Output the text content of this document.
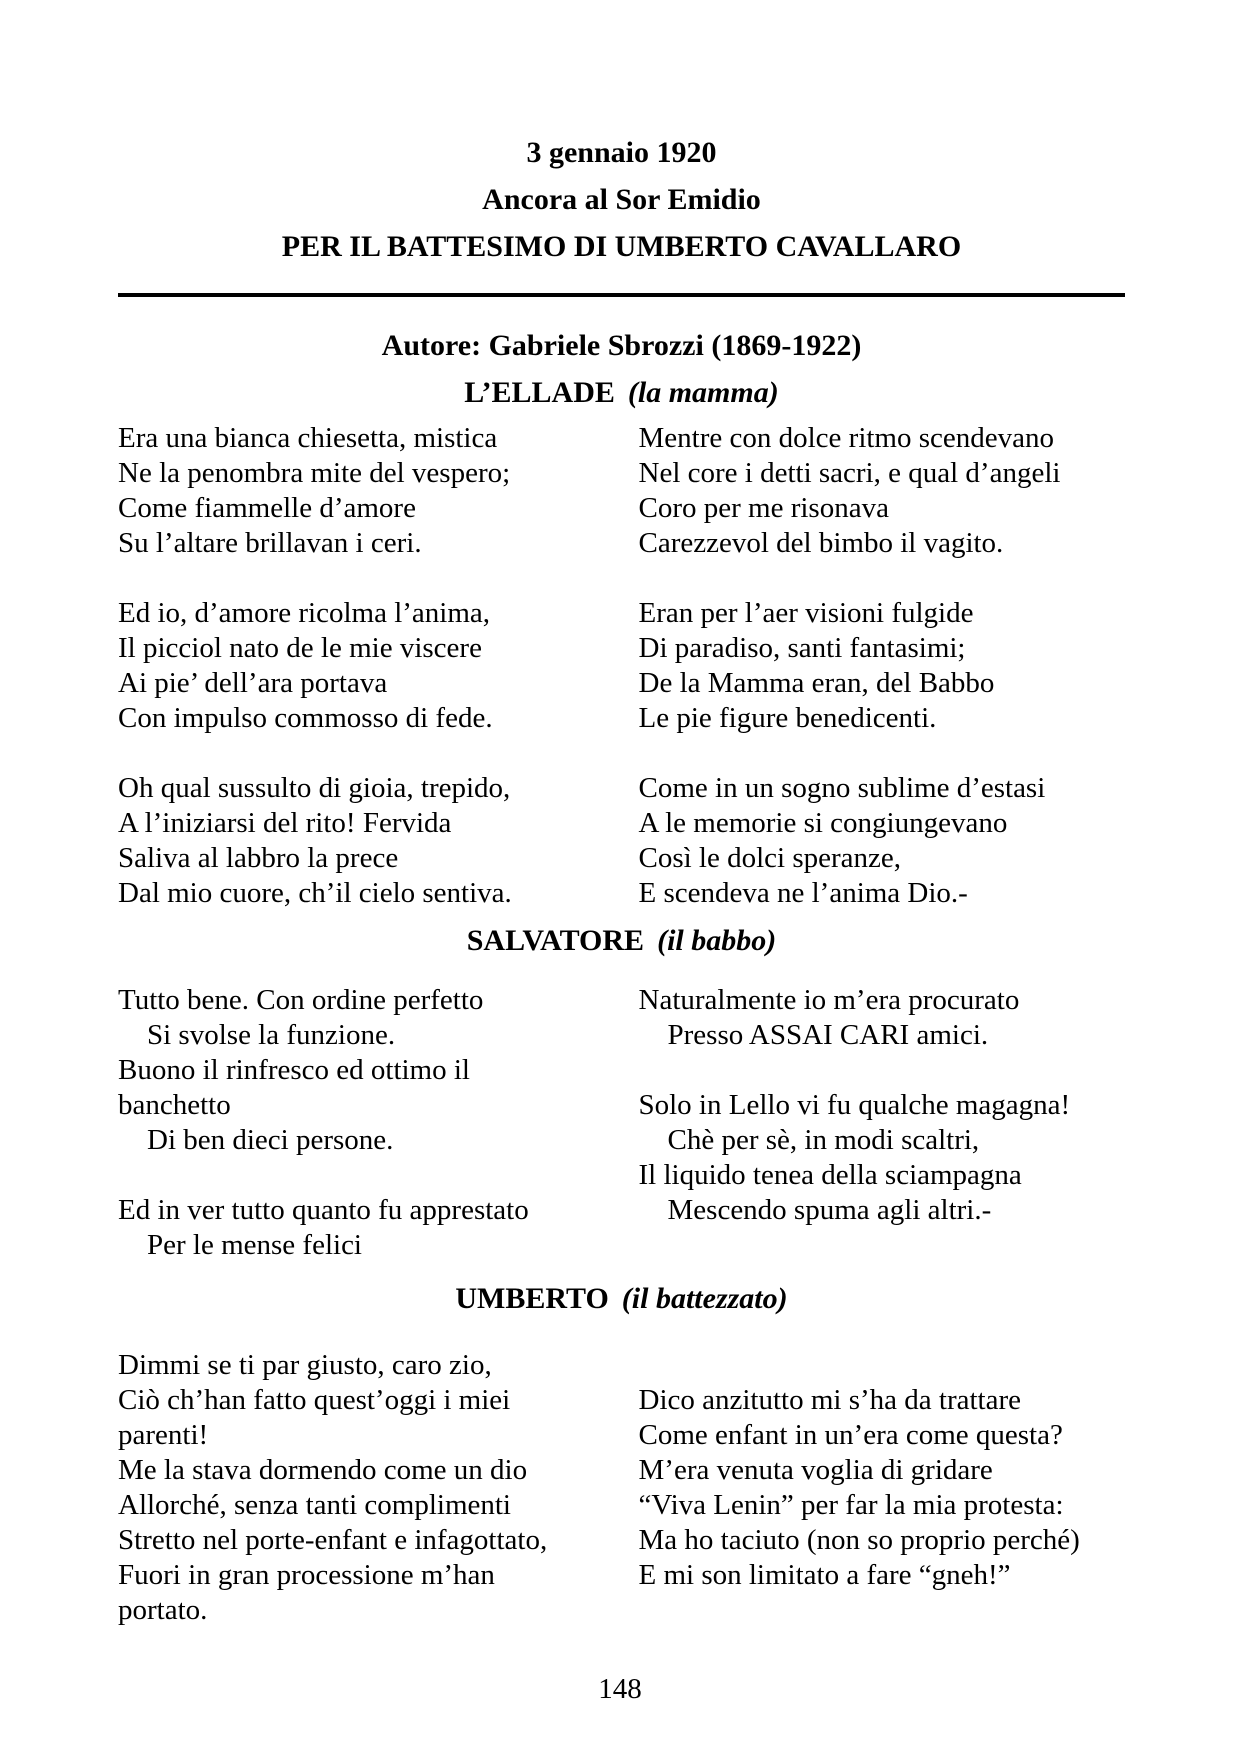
3 gennaio 1920
Ancora al Sor Emidio
PER IL BATTESIMO DI UMBERTO CAVALLARO
Autore: Gabriele Sbrozzi (1869-1922)
L’ELLADE (la mamma)
Era una bianca chiesetta, mistica
Ne la penombra mite del vespero;
Come fiammelle d’amore
Su l’altare brillavan i ceri.
Ed io, d’amore ricolma l’anima,
Il picciol nato de le mie viscere
Ai pie’ dell’ara portava
Con impulso commosso di fede.
Oh qual sussulto di gioia, trepido,
A l’iniziarsi del rito! Fervida
Saliva al labbro la prece
Dal mio cuore, ch’il cielo sentiva.
Mentre con dolce ritmo scendevano
Nel core i detti sacri, e qual d’angeli
Coro per me risonava
Carezzevol del bimbo il vagito.
Eran per l’aer visioni fulgide
Di paradiso, santi fantasimi;
De la Mamma eran, del Babbo
Le pie figure benedicenti.
Come in un sogno sublime d’estasi
A le memorie si congiungevano
Così le dolci speranze,
E scendeva ne l’anima Dio.-
SALVATORE (il babbo)
Tutto bene. Con ordine perfetto
Si svolse la funzione.
Buono il rinfresco ed ottimo il
banchetto
Di ben dieci persone.
Ed in ver tutto quanto fu apprestato
Per le mense felici
Naturalmente io m’era procurato
Presso ASSAI CARI amici.
Solo in Lello vi fu qualche magagna!
Chè per sè, in modi scaltri,
Il liquido tenea della sciampagna
Mescendo spuma agli altri.-
UMBERTO (il battezzato)
Dimmi se ti par giusto, caro zio,
Ciò ch’han fatto quest’oggi i miei
parenti!
Me la stava dormendo come un dio
Allorché, senza tanti complimenti
Stretto nel porte-enfant e infagottato,
Fuori in gran processione m’han
portato.
Dico anzitutto mi s’ha da trattare
Come enfant in un’era come questa?
M’era venuta voglia di gridare
“Viva Lenin” per far la mia protesta:
Ma ho taciuto (non so proprio perché)
E mi son limitato a fare “gneh!”
148
